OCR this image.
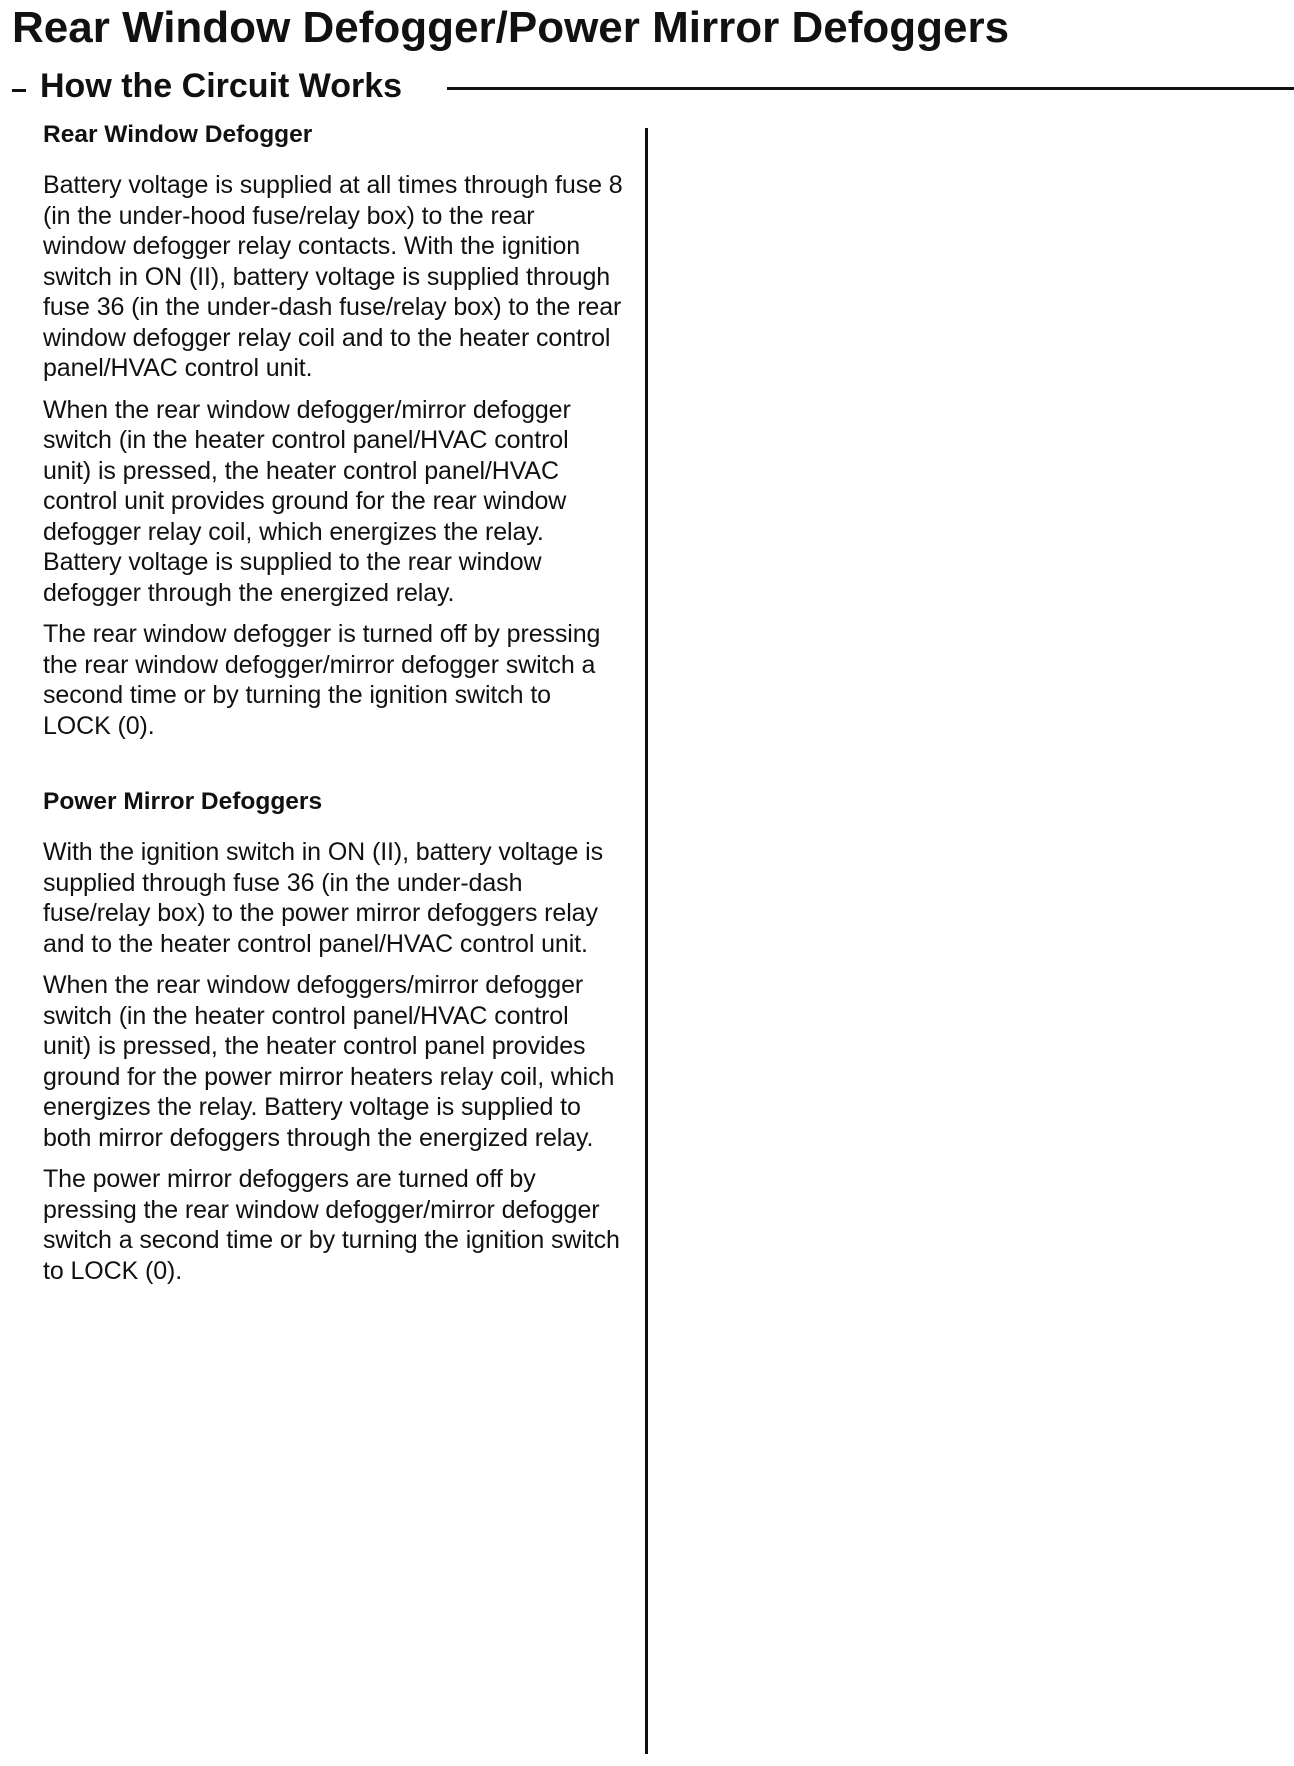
Rear Window Defogger/Power Mirror Defoggers
How the Circuit Works
Rear Window Defogger

Battery voltage is supplied at all times through fuse 8 (in the under-hood fuse/relay box) to the rear window defogger relay contacts. With the ignition switch in ON (II), battery voltage is supplied through fuse 36 (in the under-dash fuse/relay box) to the rear window defogger relay coil and to the heater control panel/HVAC control unit.

When the rear window defogger/mirror defogger switch (in the heater control panel/HVAC control unit) is pressed, the heater control panel/HVAC control unit provides ground for the rear window defogger relay coil, which energizes the relay. Battery voltage is supplied to the rear window defogger through the energized relay.

The rear window defogger is turned off by pressing the rear window defogger/mirror defogger switch a second time or by turning the ignition switch to LOCK (0).

Power Mirror Defoggers

With the ignition switch in ON (II), battery voltage is supplied through fuse 36 (in the under-dash fuse/relay box) to the power mirror defoggers relay and to the heater control panel/HVAC control unit.

When the rear window defoggers/mirror defogger switch (in the heater control panel/HVAC control unit) is pressed, the heater control panel provides ground for the power mirror heaters relay coil, which energizes the relay. Battery voltage is supplied to both mirror defoggers through the energized relay.

The power mirror defoggers are turned off by pressing the rear window defogger/mirror defogger switch a second time or by turning the ignition switch to LOCK (0).
